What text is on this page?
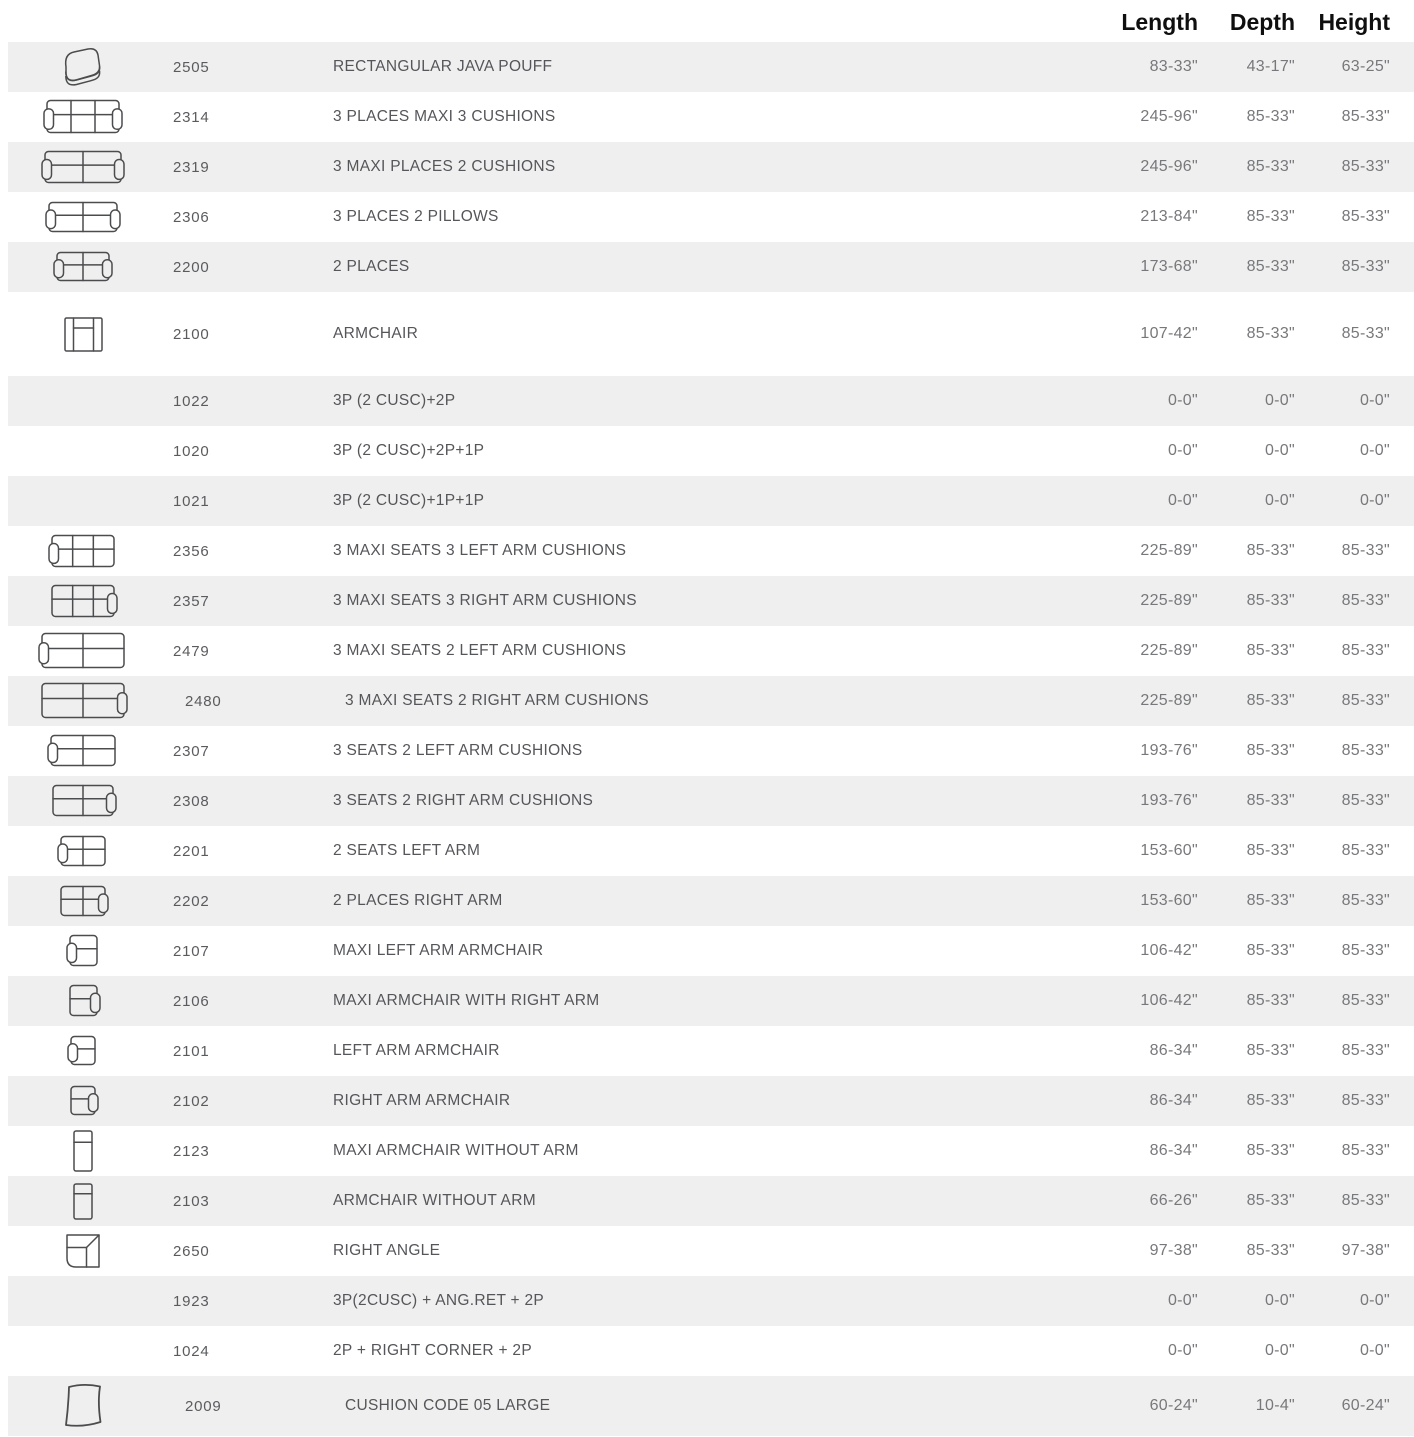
Length	Depth	Height
2505	RECTANGULAR JAVA POUFF	83-33"	43-17"	63-25"
2314	3 PLACES MAXI 3 CUSHIONS	245-96"	85-33"	85-33"
2319	3 MAXI PLACES 2 CUSHIONS	245-96"	85-33"	85-33"
2306	3 PLACES 2 PILLOWS	213-84"	85-33"	85-33"
2200	2 PLACES	173-68"	85-33"	85-33"
2100	ARMCHAIR	107-42"	85-33"	85-33"
1022	3P (2 CUSC)+2P	0-0"	0-0"	0-0"
1020	3P (2 CUSC)+2P+1P	0-0"	0-0"	0-0"
1021	3P (2 CUSC)+1P+1P	0-0"	0-0"	0-0"
2356	3 MAXI SEATS 3 LEFT ARM CUSHIONS	225-89"	85-33"	85-33"
2357	3 MAXI SEATS 3 RIGHT ARM CUSHIONS	225-89"	85-33"	85-33"
2479	3 MAXI SEATS 2 LEFT ARM CUSHIONS	225-89"	85-33"	85-33"
2480	3 MAXI SEATS 2 RIGHT ARM CUSHIONS	225-89"	85-33"	85-33"
2307	3 SEATS 2 LEFT ARM CUSHIONS	193-76"	85-33"	85-33"
2308	3 SEATS 2 RIGHT ARM CUSHIONS	193-76"	85-33"	85-33"
2201	2 SEATS LEFT ARM	153-60"	85-33"	85-33"
2202	2 PLACES RIGHT ARM	153-60"	85-33"	85-33"
2107	MAXI LEFT ARM ARMCHAIR	106-42"	85-33"	85-33"
2106	MAXI ARMCHAIR WITH RIGHT ARM	106-42"	85-33"	85-33"
2101	LEFT ARM ARMCHAIR	86-34"	85-33"	85-33"
2102	RIGHT ARM ARMCHAIR	86-34"	85-33"	85-33"
2123	MAXI ARMCHAIR WITHOUT ARM	86-34"	85-33"	85-33"
2103	ARMCHAIR WITHOUT ARM	66-26"	85-33"	85-33"
2650	RIGHT ANGLE	97-38"	85-33"	97-38"
1923	3P(2CUSC) + ANG.RET + 2P	0-0"	0-0"	0-0"
1024	2P + RIGHT CORNER + 2P	0-0"	0-0"	0-0"
2009	CUSHION CODE 05 LARGE	60-24"	10-4"	60-24"
